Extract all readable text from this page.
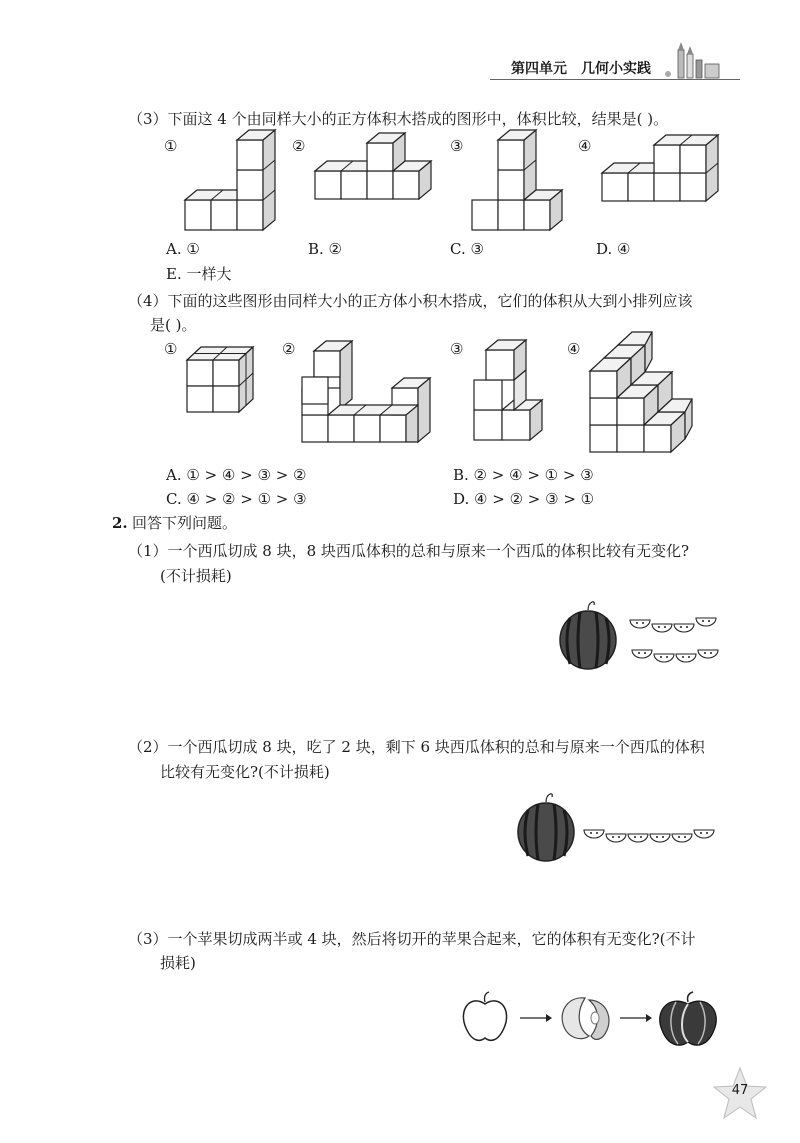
第四单元 几何小实践
（3）下面这 4 个由同样大小的正方体积木搭成的图形中，体积比较，结果是( )。
①	②	③	④
A. ①	B. ②	C. ③	D. ④
E. 一样大
（4）下面的这些图形由同样大小的正方体小积木搭成，它们的体积从大到小排列应该
是( )。
①	②	③	④
A. ① > ④ > ③ > ②	B. ② > ④ > ① > ③
C. ④ > ② > ① > ③	D. ④ > ② > ③ > ①
2. 回答下列问题。
（1）一个西瓜切成 8 块，8 块西瓜体积的总和与原来一个西瓜的体积比较有无变化?
(不计损耗)
（2）一个西瓜切成 8 块，吃了 2 块，剩下 6 块西瓜体积的总和与原来一个西瓜的体积
比较有无变化?(不计损耗)
（3）一个苹果切成两半或 4 块，然后将切开的苹果合起来，它的体积有无变化?(不计
损耗)
47
